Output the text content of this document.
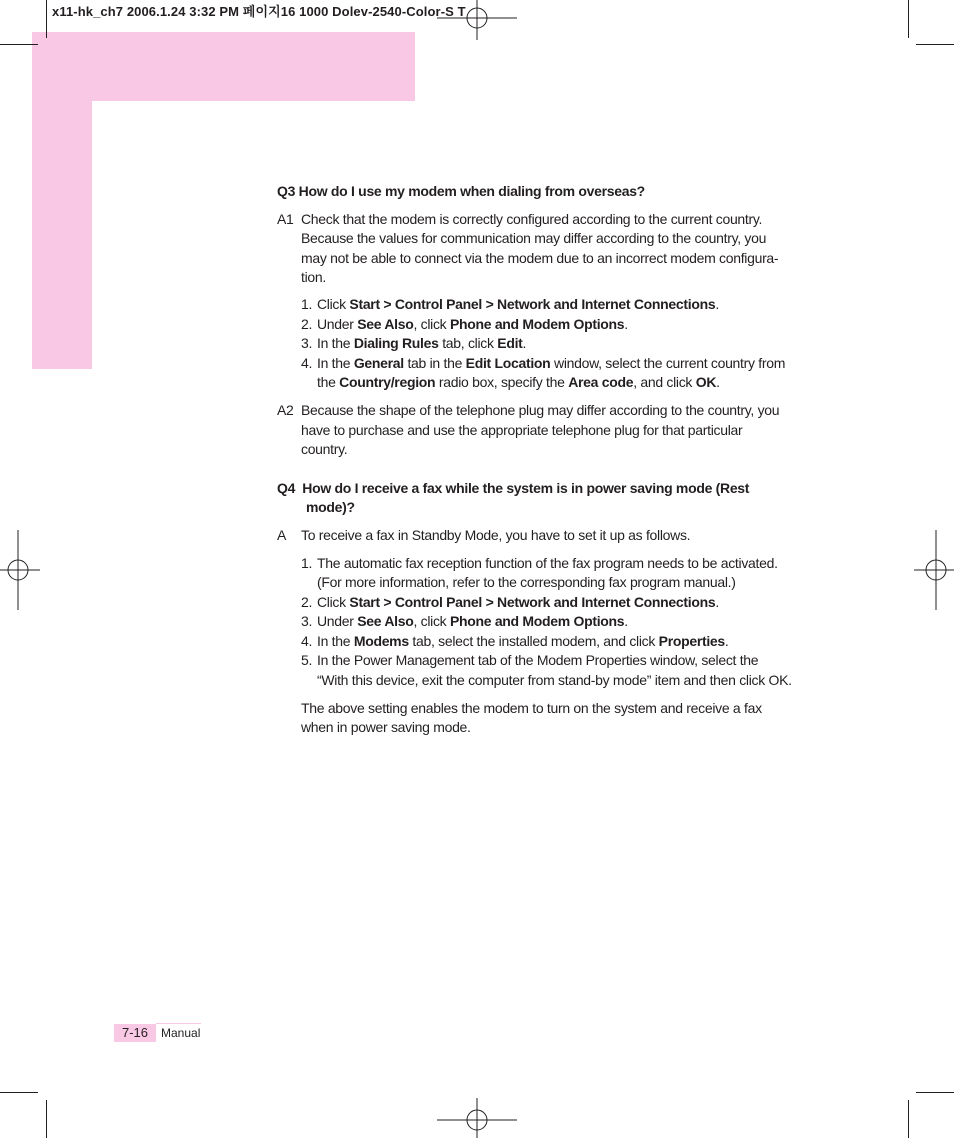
x11-hk_ch7 2006.1.24 3:32 PM 페이지16 1000 Dolev-2540-Color-S T

Q3 How do I use my modem when dialing from overseas?

A1 Check that the modem is correctly configured according to the current country. Because the values for communication may differ according to the country, you may not be able to connect via the modem due to an incorrect modem configura-tion.
1. Click Start > Control Panel > Network and Internet Connections.
2. Under See Also, click Phone and Modem Options.
3. In the Dialing Rules tab, click Edit.
4. In the General tab in the Edit Location window, select the current country from the Country/region radio box, specify the Area code, and click OK.
A2 Because the shape of the telephone plug may differ according to the country, you have to purchase and use the appropriate telephone plug for that particular country.

Q4 How do I receive a fax while the system is in power saving mode (Rest mode)?

A To receive a fax in Standby Mode, you have to set it up as follows.
1. The automatic fax reception function of the fax program needs to be activated. (For more information, refer to the corresponding fax program manual.)
2. Click Start > Control Panel > Network and Internet Connections.
3. Under See Also, click Phone and Modem Options.
4. In the Modems tab, select the installed modem, and click Properties.
5. In the Power Management tab of the Modem Properties window, select the “With this device, exit the computer from stand-by mode” item and then click OK.

The above setting enables the modem to turn on the system and receive a fax when in power saving mode.

7-16	Manual
